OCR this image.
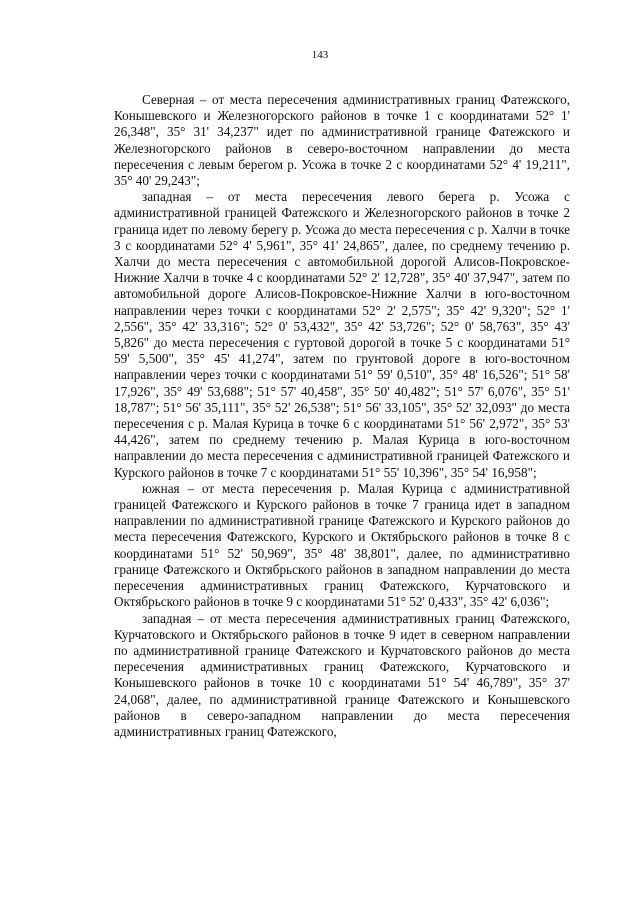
143

Северная – от места пересечения административных границ Фатежского, Конышевского и Железногорского районов в точке 1 с координатами 52° 1' 26,348", 35° 31' 34,237" идет по административной границе Фатежского и Железногорского районов в северо-восточном направлении до места пересечения с левым берегом р. Усожа в точке 2 с координатами 52° 4' 19,211", 35° 40' 29,243";

западная – от места пересечения левого берега р. Усожа с административной границей Фатежского и Железногорского районов в точке 2 граница идет по левому берегу р. Усожа до места пересечения с р. Халчи в точке 3 с координатами 52° 4' 5,961", 35° 41' 24,865", далее, по среднему течению р. Халчи до места пересечения с автомобильной дорогой Алисов-Покровское-Нижние Халчи в точке 4 с координатами 52° 2' 12,728", 35° 40' 37,947", затем по автомобильной дороге Алисов-Покровское-Нижние Халчи в юго-восточном направлении через точки с координатами 52° 2' 2,575"; 35° 42' 9,320"; 52° 1' 2,556", 35° 42' 33,316"; 52° 0' 53,432", 35° 42' 53,726"; 52° 0' 58,763", 35° 43' 5,826" до места пересечения с гуртовой дорогой в точке 5 с координатами 51° 59' 5,500", 35° 45' 41,274", затем по грунтовой дороге в юго-восточном направлении через точки с координатами 51° 59' 0,510", 35° 48' 16,526"; 51° 58' 17,926", 35° 49' 53,688"; 51° 57' 40,458", 35° 50' 40,482"; 51° 57' 6,076", 35° 51' 18,787"; 51° 56' 35,111", 35° 52' 26,538"; 51° 56' 33,105", 35° 52' 32,093" до места пересечения с р. Малая Курица в точке 6 с координатами 51° 56' 2,972", 35° 53' 44,426", затем по среднему течению р. Малая Курица в юго-восточном направлении до места пересечения с административной границей Фатежского и Курского районов в точке 7 с координатами 51° 55' 10,396", 35° 54' 16,958";

южная – от места пересечения р. Малая Курица с административной границей Фатежского и Курского районов в точке 7 граница идет в западном направлении по административной границе Фатежского и Курского районов до места пересечения Фатежского, Курского и Октябрьского районов в точке 8 с координатами 51° 52' 50,969", 35° 48' 38,801", далее, по административно границе Фатежского и Октябрьского районов в западном направлении до места пересечения административных границ Фатежского, Курчатовского и Октябрьского районов в точке 9 с координатами 51° 52' 0,433", 35° 42' 6,036";

западная – от места пересечения административных границ Фатежского, Курчатовского и Октябрьского районов в точке 9 идет в северном направлении по административной границе Фатежского и Курчатовского районов до места пересечения административных границ Фатежского, Курчатовского и Конышевского районов в точке 10 с координатами 51° 54' 46,789", 35° 37' 24,068", далее, по административной границе Фатежского и Конышевского районов в северо-западном направлении до места пересечения административных границ Фатежского,
